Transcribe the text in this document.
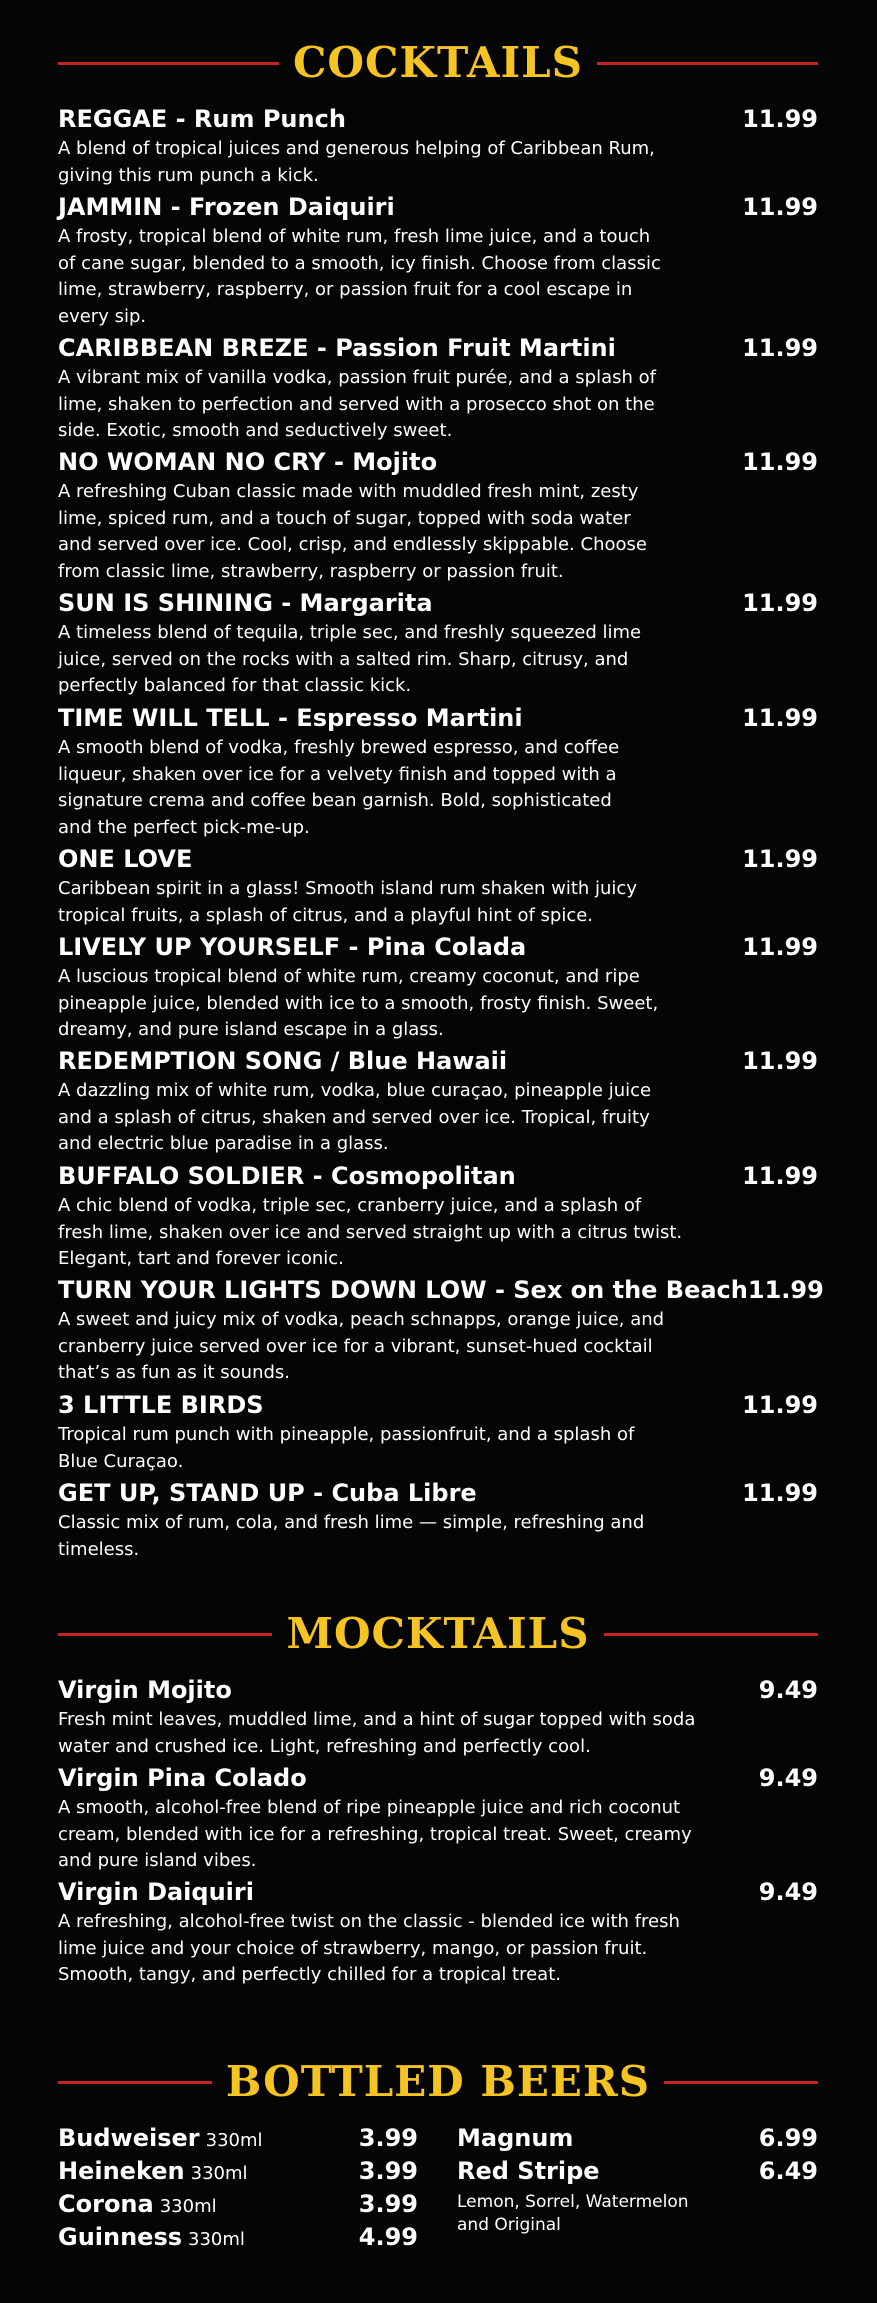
COCKTAILS
REGGAE - Rum Punch	11.99
A blend of tropical juices and generous helping of Caribbean Rum,
giving this rum punch a kick.
JAMMIN - Frozen Daiquiri	11.99
A frosty, tropical blend of white rum, fresh lime juice, and a touch
of cane sugar, blended to a smooth, icy finish. Choose from classic
lime, strawberry, raspberry, or passion fruit for a cool escape in
every sip.
CARIBBEAN BREZE - Passion Fruit Martini	11.99
A vibrant mix of vanilla vodka, passion fruit purée, and a splash of
lime, shaken to perfection and served with a prosecco shot on the
side. Exotic, smooth and seductively sweet.
NO WOMAN NO CRY - Mojito	11.99
A refreshing Cuban classic made with muddled fresh mint, zesty
lime, spiced rum, and a touch of sugar, topped with soda water
and served over ice. Cool, crisp, and endlessly skippable. Choose
from classic lime, strawberry, raspberry or passion fruit.
SUN IS SHINING - Margarita	11.99
A timeless blend of tequila, triple sec, and freshly squeezed lime
juice, served on the rocks with a salted rim. Sharp, citrusy, and
perfectly balanced for that classic kick.
TIME WILL TELL - Espresso Martini	11.99
A smooth blend of vodka, freshly brewed espresso, and coffee
liqueur, shaken over ice for a velvety finish and topped with a
signature crema and coffee bean garnish. Bold, sophisticated
and the perfect pick-me-up.
ONE LOVE	11.99
Caribbean spirit in a glass! Smooth island rum shaken with juicy
tropical fruits, a splash of citrus, and a playful hint of spice.
LIVELY UP YOURSELF - Pina Colada	11.99
A luscious tropical blend of white rum, creamy coconut, and ripe
pineapple juice, blended with ice to a smooth, frosty finish. Sweet,
dreamy, and pure island escape in a glass.
REDEMPTION SONG / Blue Hawaii	11.99
A dazzling mix of white rum, vodka, blue curaçao, pineapple juice
and a splash of citrus, shaken and served over ice. Tropical, fruity
and electric blue paradise in a glass.
BUFFALO SOLDIER - Cosmopolitan	11.99
A chic blend of vodka, triple sec, cranberry juice, and a splash of
fresh lime, shaken over ice and served straight up with a citrus twist.
Elegant, tart and forever iconic.
TURN YOUR LIGHTS DOWN LOW - Sex on the Beach 11.99
A sweet and juicy mix of vodka, peach schnapps, orange juice, and
cranberry juice served over ice for a vibrant, sunset-hued cocktail
that’s as fun as it sounds.
3 LITTLE BIRDS	11.99
Tropical rum punch with pineapple, passionfruit, and a splash of
Blue Curaçao.
GET UP, STAND UP - Cuba Libre	11.99
Classic mix of rum, cola, and fresh lime — simple, refreshing and
timeless.
MOCKTAILS
Virgin Mojito	9.49
Fresh mint leaves, muddled lime, and a hint of sugar topped with soda
water and crushed ice. Light, refreshing and perfectly cool.
Virgin Pina Colado	9.49
A smooth, alcohol-free blend of ripe pineapple juice and rich coconut
cream, blended with ice for a refreshing, tropical treat. Sweet, creamy
and pure island vibes.
Virgin Daiquiri	9.49
A refreshing, alcohol-free twist on the classic - blended ice with fresh
lime juice and your choice of strawberry, mango, or passion fruit.
Smooth, tangy, and perfectly chilled for a tropical treat.
BOTTLED BEERS
Budweiser 330ml	3.99
Heineken 330ml	3.99
Corona 330ml	3.99
Guinness 330ml	4.99
Magnum	6.99
Red Stripe	6.49
Lemon, Sorrel, Watermelon
and Original
